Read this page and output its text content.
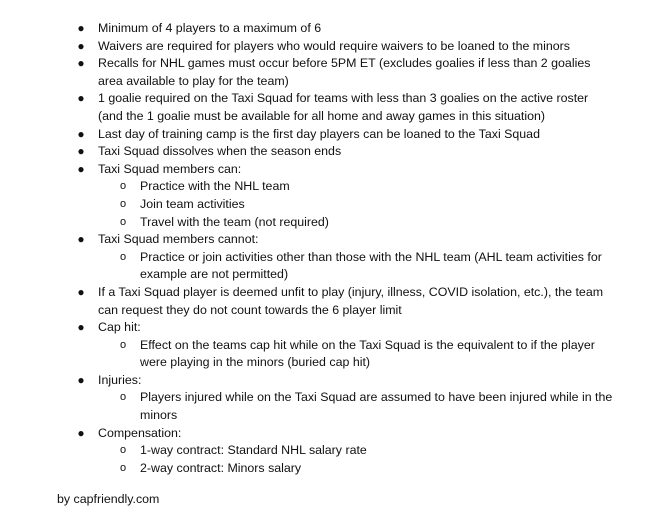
● Minimum of 4 players to a maximum of 6
● Waivers are required for players who would require waivers to be loaned to the minors
● Recalls for NHL games must occur before 5PM ET (excludes goalies if less than 2 goalies area available to play for the team)
● 1 goalie required on the Taxi Squad for teams with less than 3 goalies on the active roster (and the 1 goalie must be available for all home and away games in this situation)
● Last day of training camp is the first day players can be loaned to the Taxi Squad
● Taxi Squad dissolves when the season ends
● Taxi Squad members can:
o Practice with the NHL team
o Join team activities
o Travel with the team (not required)
● Taxi Squad members cannot:
o Practice or join activities other than those with the NHL team (AHL team activities for example are not permitted)
● If a Taxi Squad player is deemed unfit to play (injury, illness, COVID isolation, etc.), the team can request they do not count towards the 6 player limit
● Cap hit:
o Effect on the teams cap hit while on the Taxi Squad is the equivalent to if the player were playing in the minors (buried cap hit)
● Injuries:
o Players injured while on the Taxi Squad are assumed to have been injured while in the minors
● Compensation:
o 1-way contract: Standard NHL salary rate
o 2-way contract: Minors salary
by capfriendly.com
